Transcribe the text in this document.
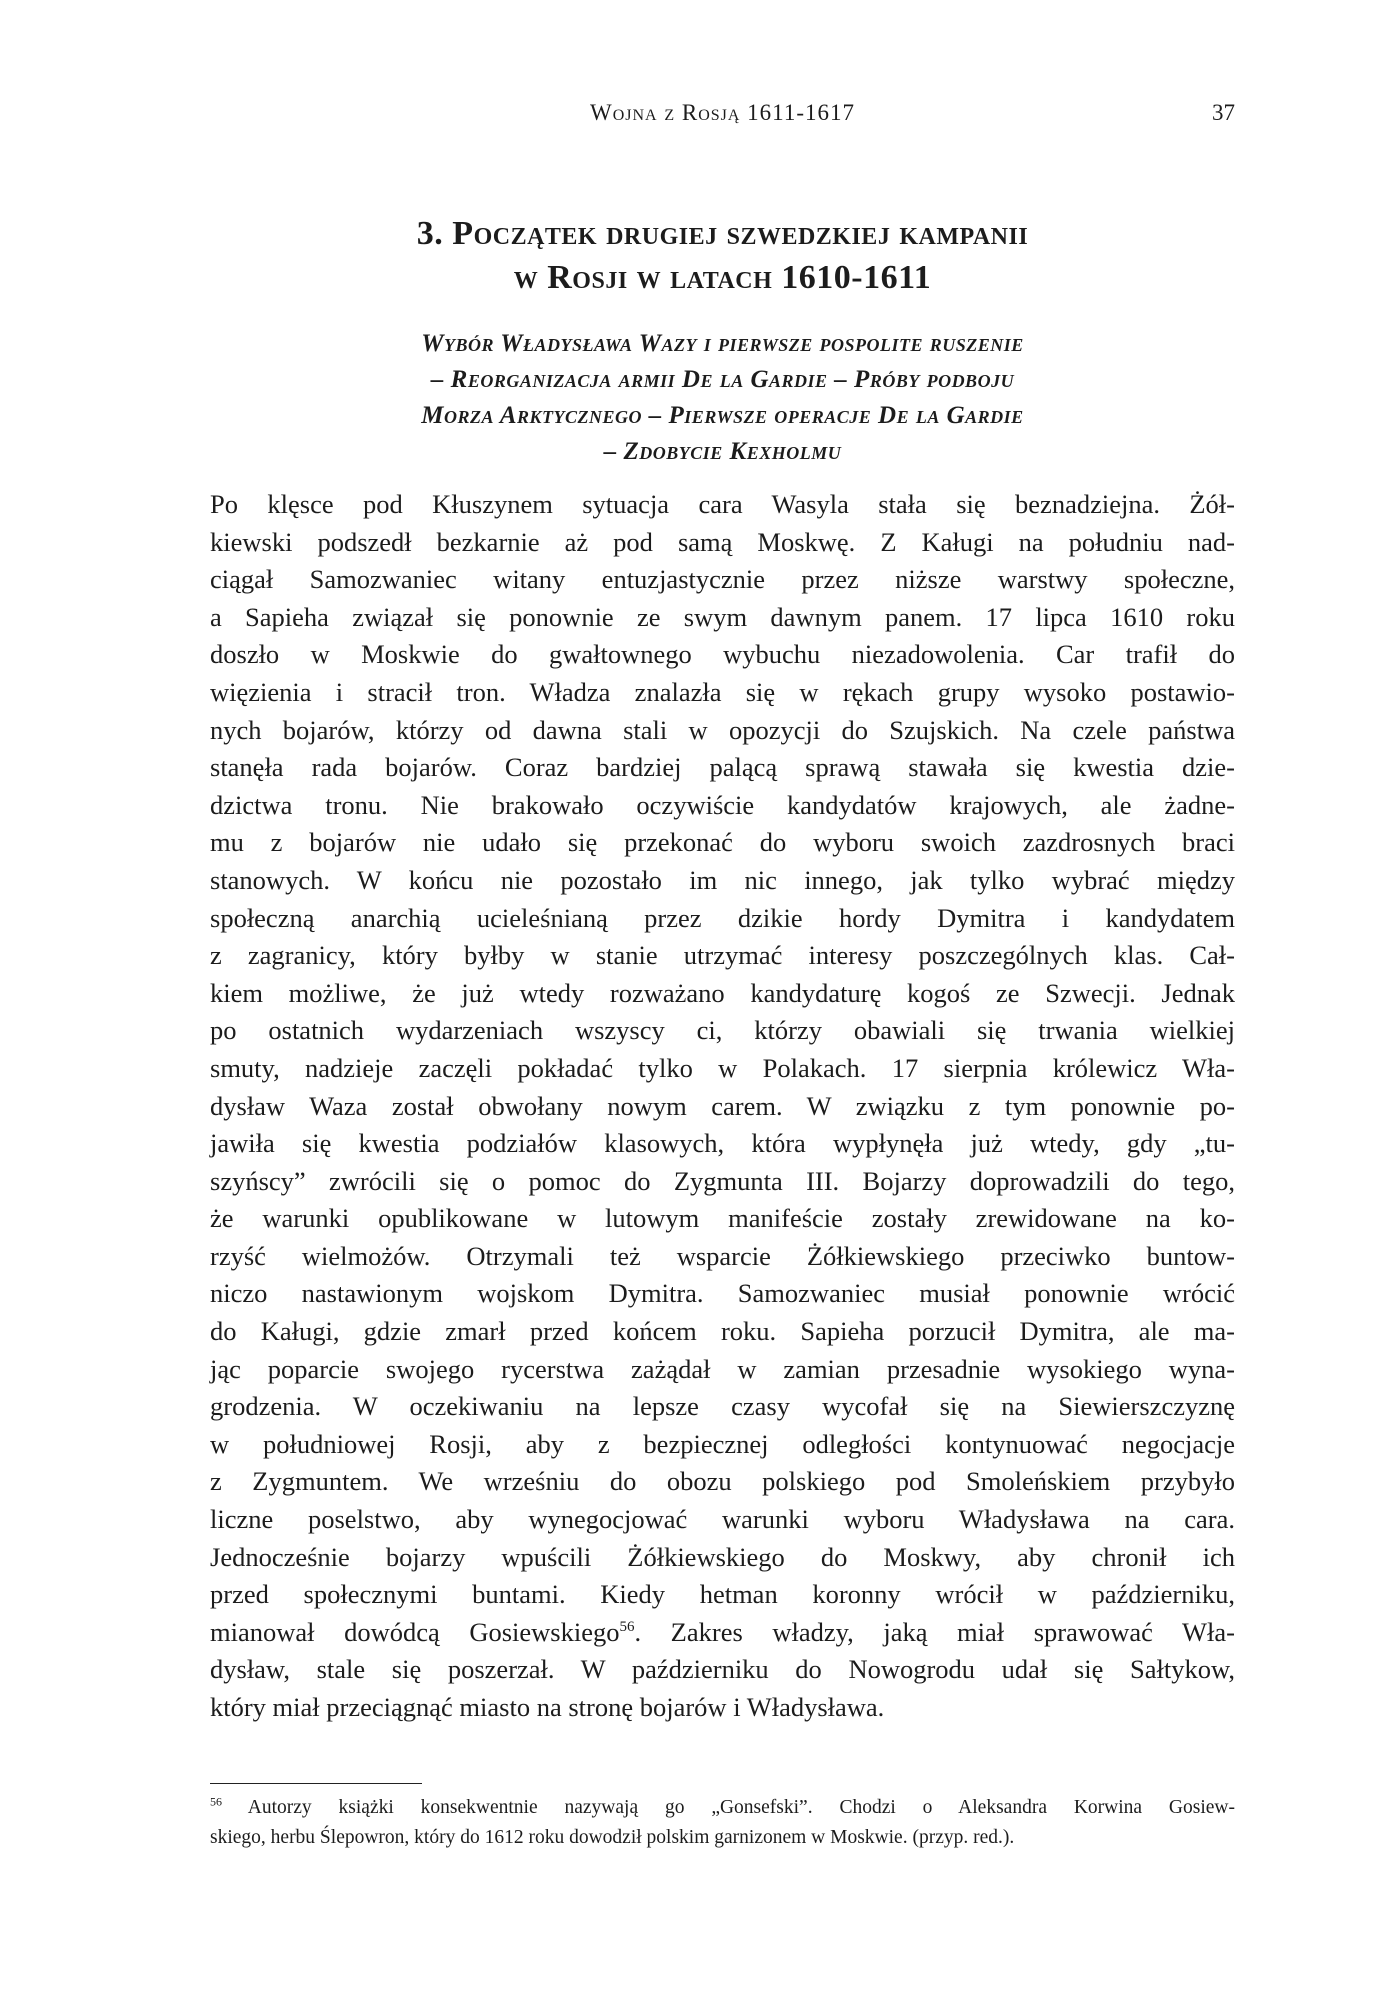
Wojna z Rosją 1611-1617	37
3. Początek drugiej szwedzkiej kampanii
w Rosji w latach 1610-1611
Wybór Władysława Wazy i pierwsze pospolite ruszenie
– Reorganizacja armii De la Gardie – Próby podboju
Morza Arktycznego – Pierwsze operacje De la Gardie
– Zdobycie Kexholmu
Po klęsce pod Kłuszynem sytuacja cara Wasyla stała się beznadziejna. Żół-
kiewski podszedł bezkarnie aż pod samą Moskwę. Z Kaługi na południu nad-
ciągał Samozwaniec witany entuzjastycznie przez niższe warstwy społeczne,
a Sapieha związał się ponownie ze swym dawnym panem. 17 lipca 1610 roku
doszło w Moskwie do gwałtownego wybuchu niezadowolenia. Car trafił do
więzienia i stracił tron. Władza znalazła się w rękach grupy wysoko postawio-
nych bojarów, którzy od dawna stali w opozycji do Szujskich. Na czele państwa
stanęła rada bojarów. Coraz bardziej palącą sprawą stawała się kwestia dzie-
dzictwa tronu. Nie brakowało oczywiście kandydatów krajowych, ale żadne-
mu z bojarów nie udało się przekonać do wyboru swoich zazdrosnych braci
stanowych. W końcu nie pozostało im nic innego, jak tylko wybrać między
społeczną anarchią ucieleśnianą przez dzikie hordy Dymitra i kandydatem
z zagranicy, który byłby w stanie utrzymać interesy poszczególnych klas. Cał-
kiem możliwe, że już wtedy rozważano kandydaturę kogoś ze Szwecji. Jednak
po ostatnich wydarzeniach wszyscy ci, którzy obawiali się trwania wielkiej
smuty, nadzieje zaczęli pokładać tylko w Polakach. 17 sierpnia królewicz Wła-
dysław Waza został obwołany nowym carem. W związku z tym ponownie po-
jawiła się kwestia podziałów klasowych, która wypłynęła już wtedy, gdy „tu-
szyńscy” zwrócili się o pomoc do Zygmunta III. Bojarzy doprowadzili do tego,
że warunki opublikowane w lutowym manifeście zostały zrewidowane na ko-
rzyść wielmożów. Otrzymali też wsparcie Żółkiewskiego przeciwko buntow-
niczo nastawionym wojskom Dymitra. Samozwaniec musiał ponownie wrócić
do Kaługi, gdzie zmarł przed końcem roku. Sapieha porzucił Dymitra, ale ma-
jąc poparcie swojego rycerstwa zażądał w zamian przesadnie wysokiego wyna-
grodzenia. W oczekiwaniu na lepsze czasy wycofał się na Siewierszczyznę
w południowej Rosji, aby z bezpiecznej odległości kontynuować negocjacje
z Zygmuntem. We wrześniu do obozu polskiego pod Smoleńskiem przybyło
liczne poselstwo, aby wynegocjować warunki wyboru Władysława na cara.
Jednocześnie bojarzy wpuścili Żółkiewskiego do Moskwy, aby chronił ich
przed społecznymi buntami. Kiedy hetman koronny wrócił w październiku,
mianował dowódcą Gosiewskiego$^{56}$. Zakres władzy, jaką miał sprawować Wła-
dysław, stale się poszerzał. W październiku do Nowogrodu udał się Sałtykow,
który miał przeciągnąć miasto na stronę bojarów i Władysława.
$^{56}$ Autorzy książki konsekwentnie nazywają go „Gonsefski”. Chodzi o Aleksandra Korwina Gosiew-
skiego, herbu Ślepowron, który do 1612 roku dowodził polskim garnizonem w Moskwie. (przyp. red.).
